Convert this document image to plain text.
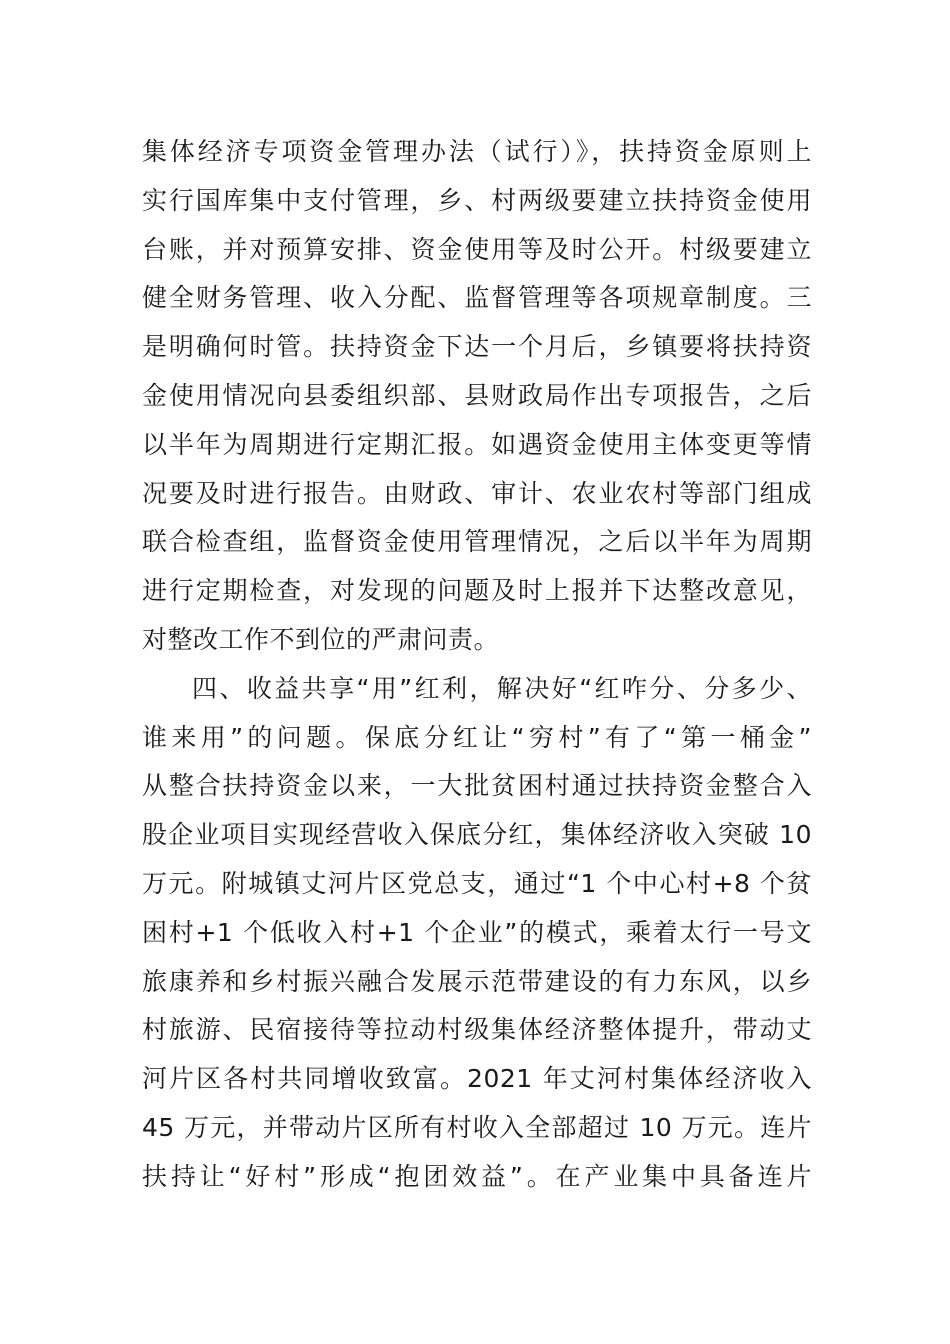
集体经济专项资金管理办法（试行）》，扶持资金原则上
实行国库集中支付管理，乡、村两级要建立扶持资金使用
台账，并对预算安排、资金使用等及时公开。村级要建立
健全财务管理、收入分配、监督管理等各项规章制度。三
是明确何时管。扶持资金下达一个月后，乡镇要将扶持资
金使用情况向县委组织部、县财政局作出专项报告，之后
以半年为周期进行定期汇报。如遇资金使用主体变更等情
况要及时进行报告。由财政、审计、农业农村等部门组成
联合检查组，监督资金使用管理情况，之后以半年为周期
进行定期检查，对发现的问题及时上报并下达整改意见，
对整改工作不到位的严肃问责。
四、收益共享“用”红利，解决好“红咋分、分多少、
谁来用”的问题。保底分红让“穷村”有了“第一桶金”
从整合扶持资金以来，一大批贫困村通过扶持资金整合入
股企业项目实现经营收入保底分红，集体经济收入突破 10
万元。附城镇丈河片区党总支，通过“1 个中心村+8 个贫
困村+1 个低收入村+1 个企业”的模式，乘着太行一号文
旅康养和乡村振兴融合发展示范带建设的有力东风，以乡
村旅游、民宿接待等拉动村级集体经济整体提升，带动丈
河片区各村共同增收致富。2021 年丈河村集体经济收入
45 万元，并带动片区所有村收入全部超过 10 万元。连片
扶持让“好村”形成“抱团效益”。在产业集中具备连片
